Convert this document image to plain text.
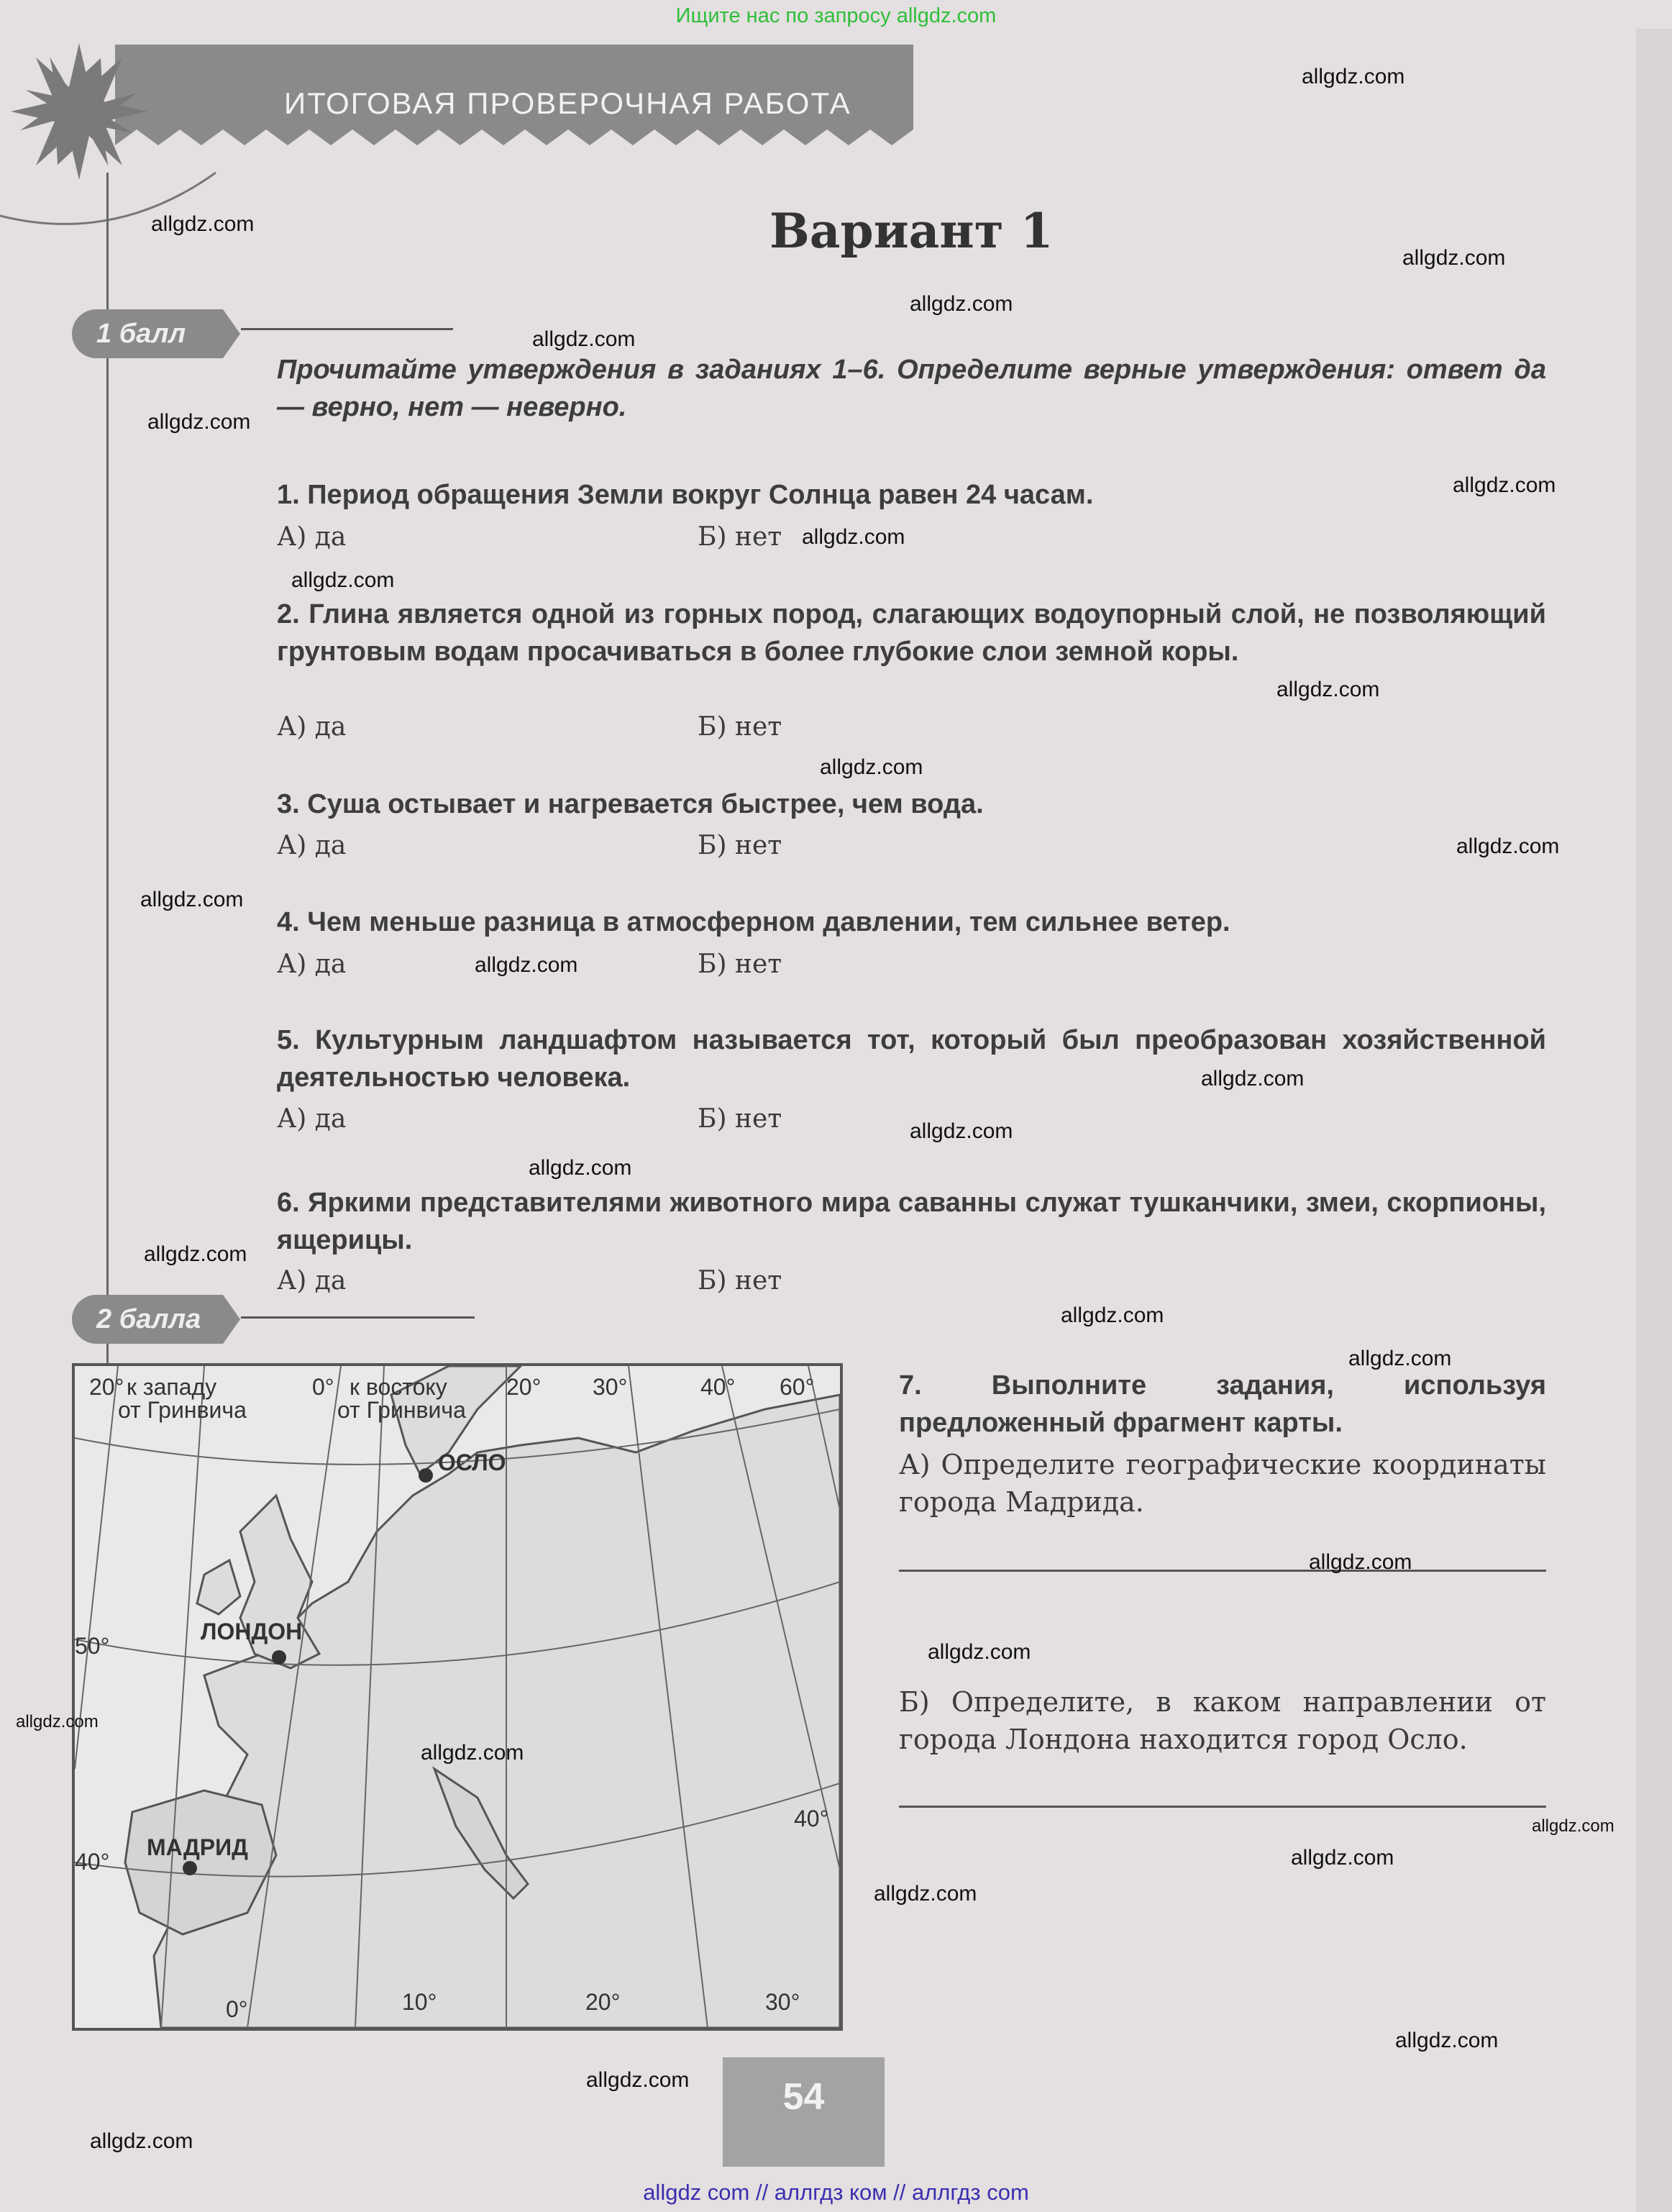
Ищите нас по запросу allgdz.com
ИТОГОВАЯ ПРОВЕРОЧНАЯ РАБОТА
Вариант 1
1 балл
Прочитайте утверждения в заданиях 1–6. Определите верные утверждения: ответ да — верно, нет — неверно.
1. Период обращения Земли вокруг Солнца равен 24 часам.
А) да	Б) нет
2. Глина является одной из горных пород, слагающих водоупорный слой, не позволяющий грунтовым водам просачиваться в более глубокие слои земной коры.
А) да	Б) нет
3. Суша остывает и нагревается быстрее, чем вода.
А) да	Б) нет
4. Чем меньше разница в атмосферном давлении, тем сильнее ветер.
А) да	Б) нет
5. Культурным ландшафтом называется тот, который был преобразован хозяйственной деятельностью человека.
А) да	Б) нет
6. Яркими представителями животного мира саванны служат тушканчики, змеи, скорпионы, ящерицы.
А) да	Б) нет
2 балла
20° к западу
от Гринвича
0° к востоку
от Гринвича
20° 30°	40° 60°
50°
40°
40°
0°	10°	20°	30°
ОСЛО
ЛОНДОН
МАДРИД
7. Выполните задания, используя предложенный фрагмент карты.
А) Определите географические координаты города Мадрида.
Б) Определите, в каком направлении от города Лондона находится город Осло.
54
allgdz.com
allgdz.com
allgdz.com
allgdz.com
allgdz.com
allgdz.com
allgdz.com
allgdz.com
allgdz.com
allgdz.com
allgdz.com
allgdz.com
allgdz.com
allgdz.com
allgdz.com
allgdz.com
allgdz.com
allgdz.com
allgdz.com
allgdz.com
allgdz.com
allgdz.com
allgdz.com
allgdz.com
allgdz.com
allgdz.com
allgdz.com
allgdz.com
allgdz.com
allgdz.com
allgdz com // аллгдз ком // аллгдз com
